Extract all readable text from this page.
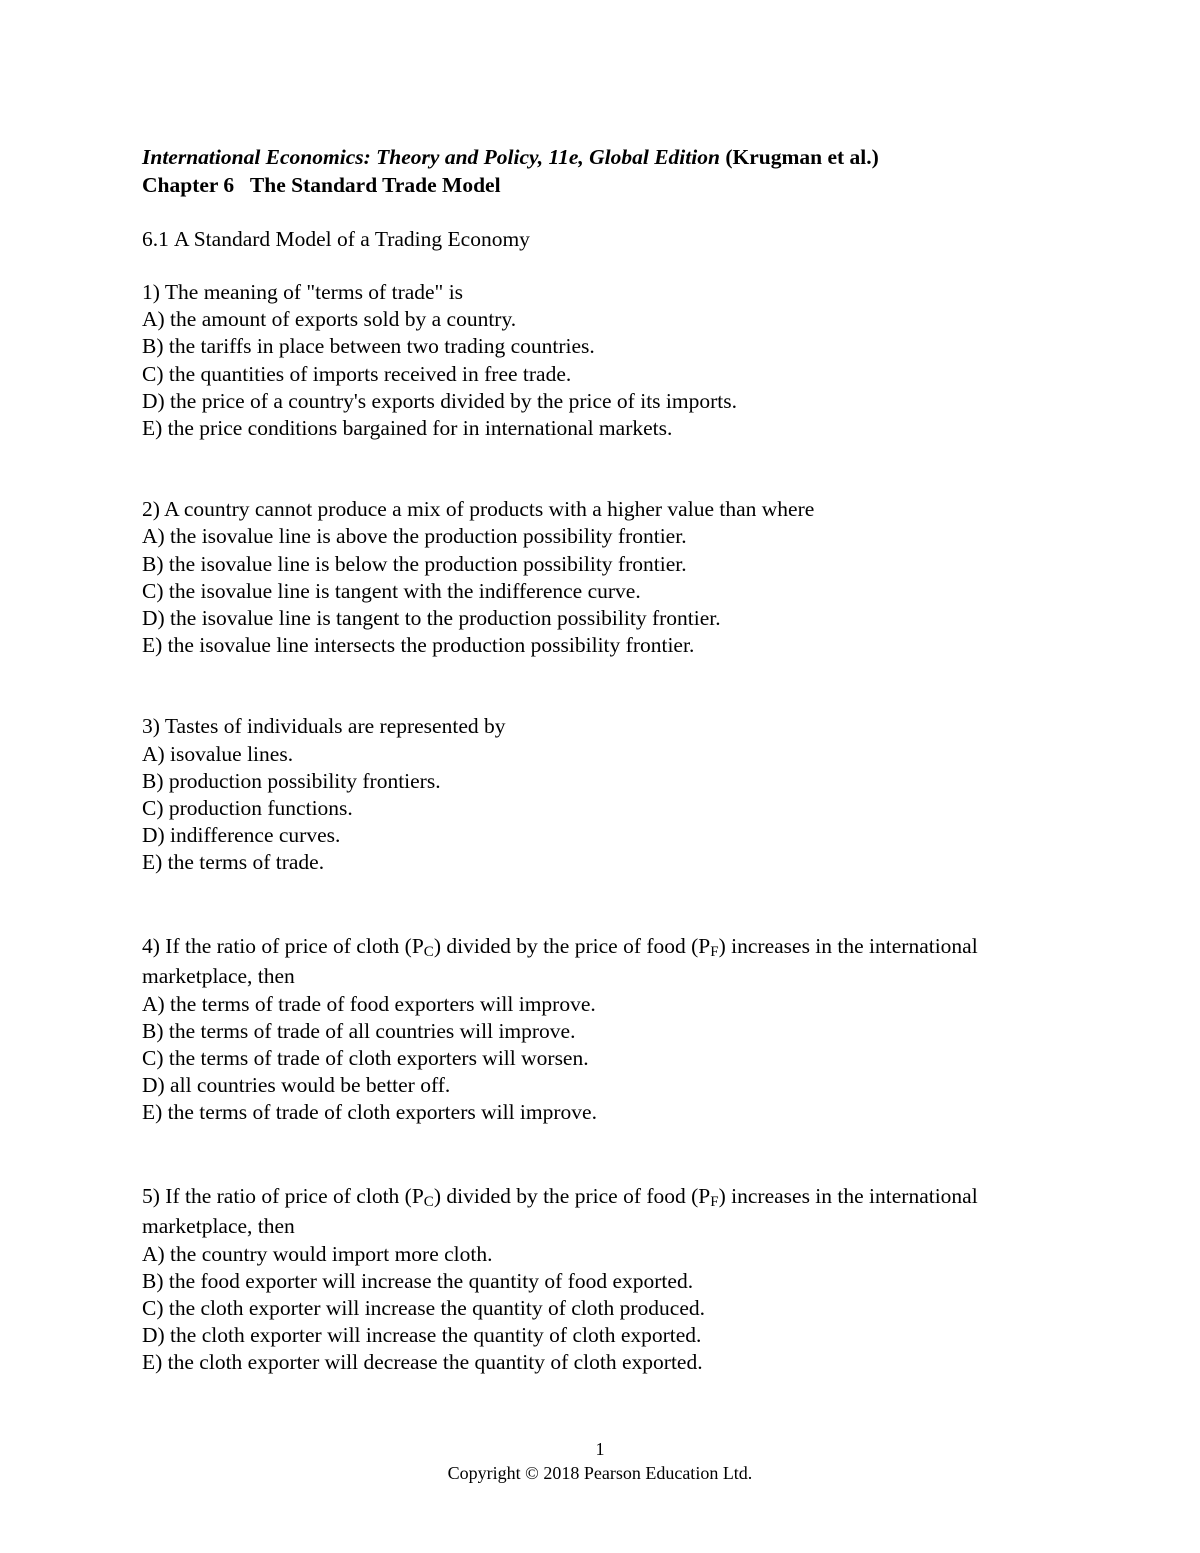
International Economics: Theory and Policy, 11e, Global Edition (Krugman et al.)

Chapter 6   The Standard Trade Model

6.1 A Standard Model of a Trading Economy

1) The meaning of "terms of trade" is

A) the amount of exports sold by a country.

B) the tariffs in place between two trading countries.

C) the quantities of imports received in free trade.

D) the price of a country's exports divided by the price of its imports.

E) the price conditions bargained for in international markets.

2) A country cannot produce a mix of products with a higher value than where

A) the isovalue line is above the production possibility frontier.

B) the isovalue line is below the production possibility frontier.

C) the isovalue line is tangent with the indifference curve.

D) the isovalue line is tangent to the production possibility frontier.

E) the isovalue line intersects the production possibility frontier.

3) Tastes of individuals are represented by

A) isovalue lines.

B) production possibility frontiers.

C) production functions.

D) indifference curves.

E) the terms of trade.

4) If the ratio of price of cloth $(P_C)$ divided by the price of food $(P_F)$ increases in the international marketplace, then

A) the terms of trade of food exporters will improve.

B) the terms of trade of all countries will improve.

C) the terms of trade of cloth exporters will worsen.

D) all countries would be better off.

E) the terms of trade of cloth exporters will improve.

5) If the ratio of price of cloth $(P_C)$ divided by the price of food $(P_F)$ increases in the international marketplace, then

A) the country would import more cloth.

B) the food exporter will increase the quantity of food exported.

C) the cloth exporter will increase the quantity of cloth produced.

D) the cloth exporter will increase the quantity of cloth exported.

E) the cloth exporter will decrease the quantity of cloth exported.

1
Copyright © 2018 Pearson Education Ltd.
